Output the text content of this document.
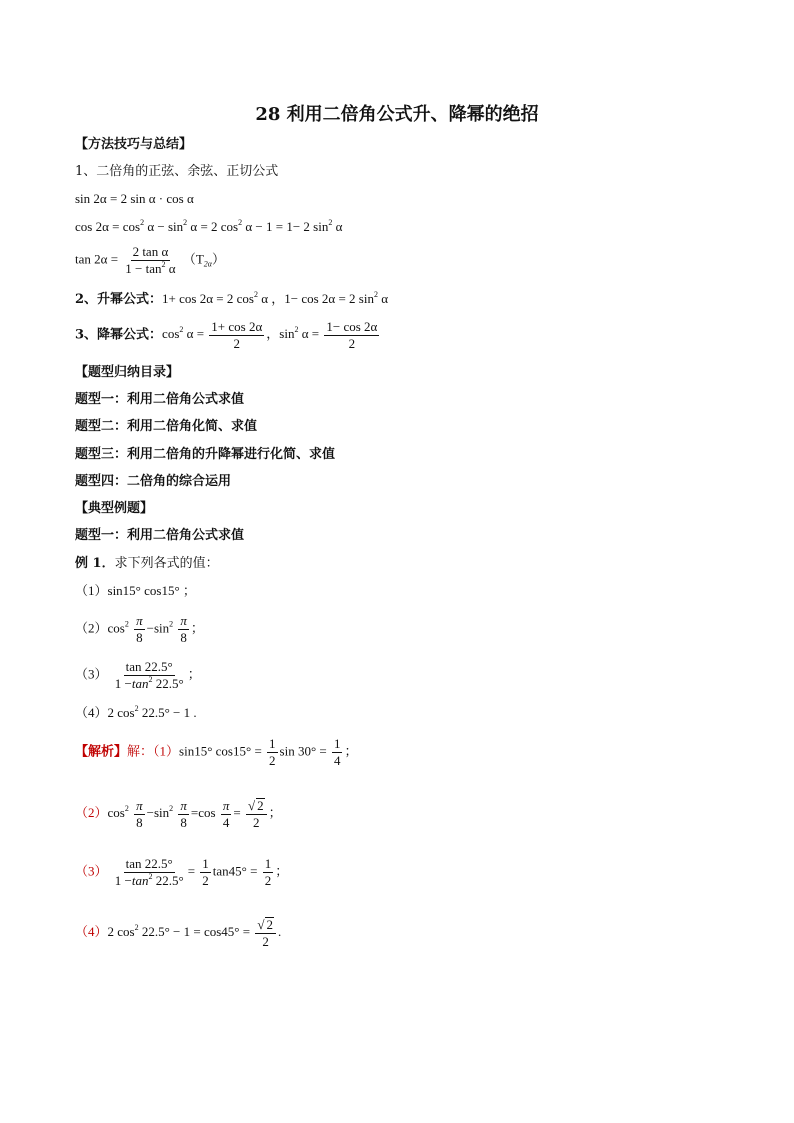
28 利用二倍角公式升、降幂的绝招
【方法技巧与总结】
1、二倍角的正弦、余弦、正切公式
sin 2α = 2 sin α · cos α
$\cos 2\alpha = \cos^2 \alpha - \sin^2 \alpha = 2$ $\cos^2 \alpha - 1 = 1- 2$ $\sin^2 \alpha$
$\tan 2\alpha = \frac{\text{2 tan α}}{1 - \tan^2 \alpha} (T_{2\alpha})$
2、升幂公式：1+ cos 2α = 2 $\cos^2 \alpha$ ，1− cos 2α = 2 $\sin^2 \alpha$
3、降幂公式：$\cos^2 \alpha = \frac{1+ \cos 2\alpha}{2}$ ，$\sin^2 \alpha = \frac{1- \cos 2\alpha}{2}$
【题型归纳目录】
题型一：利用二倍角公式求值
题型二：利用二倍角化简、求值
题型三：利用二倍角的升降幂进行化简、求值
题型四：二倍角的综合运用
【典型例题】
题型一：利用二倍角公式求值
例 1．求下列各式的值：
（1）sin15° cos15° ；
$(2)\cos^2 \frac{\pi}{8} -\sin^2 \frac{\pi}{8}$ ；
$(3) \frac{\tan 22.5^\circ}{1 -\tan^2 22.5^\circ}$ ；
（4）2 $\cos^2 22.5^\circ - 1$ .
【解析】解：（1）sin15° $\cos 15^\circ = \frac{1}{2}$ $\sin 30^\circ = \frac{1}{4}$ ；
$(2)\cos^2 \frac{\pi}{8} -\sin^2 \frac{\pi}{8} =\cos \frac{\pi}{4} = \frac{√ 2}{2}$ ；
$(3) \frac{\tan 22.5^\circ}{1 -\tan^2 22.5^\circ} = \frac{1}{2} \tan 45^\circ = \frac{1}{2}$ ；
（4）2 $\cos^2 22.5^\circ - 1 = \cos 45^\circ = \frac{√ 2}{2}$ .
